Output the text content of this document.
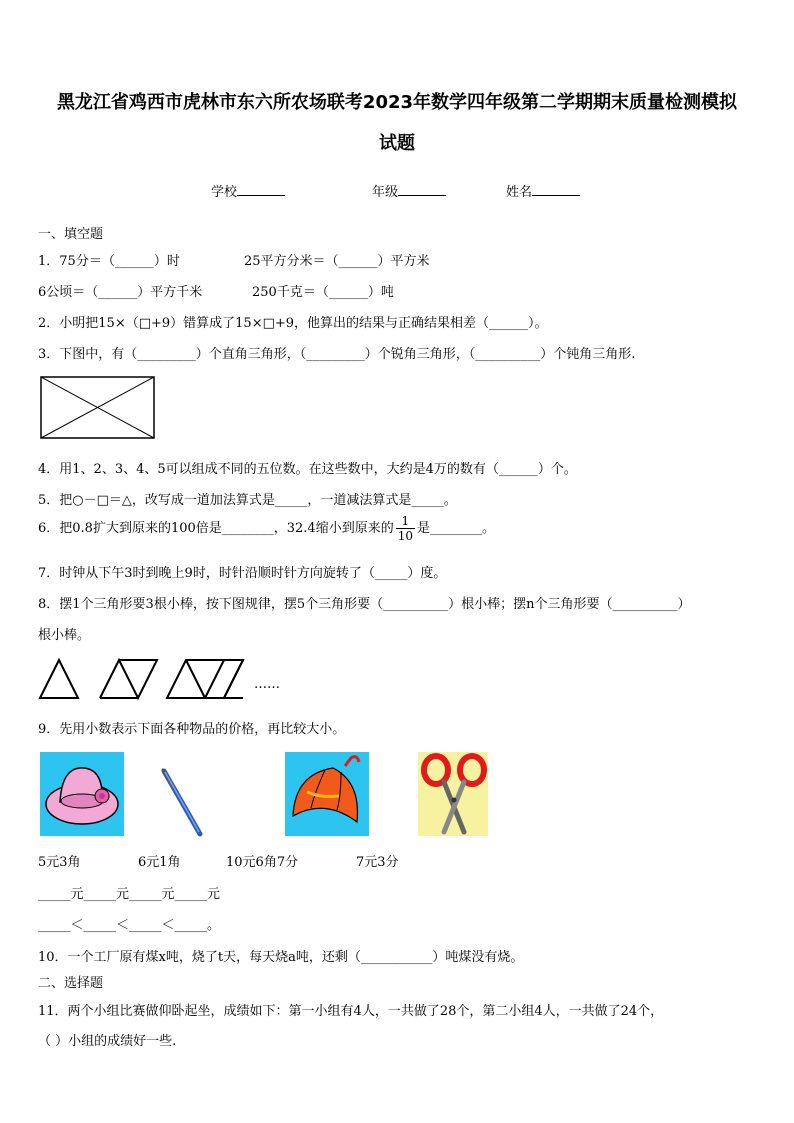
黑龙江省鸡西市虎林市东六所农场联考2023年数学四年级第二学期期末质量检测模拟
试题
学校	年级	姓名
一、填空题
1．75分＝（______）时	25平方分米＝（______）平方米
6公顷＝（______）平方千米	250千克＝（______）吨
2．小明把15×（□+9）错算成了15×□+9，他算出的结果与正确结果相差（______）。
3．下图中，有（_________）个直角三角形，（_________）个锐角三角形，（__________）个钝角三角形.
4．用1、2、3、4、5可以组成不同的五位数。在这些数中，大约是4万的数有（______）个。
5．把○－□＝△，改写成一道加法算式是_____，一道减法算式是_____。
6．把0.8扩大到原来的100倍是________，32.4缩小到原来的 $\frac{1}{10}$ 是________。
7．时钟从下午3时到晚上9时，时针沿顺时针方向旋转了（_____）度。
8．摆1个三角形要3根小棒，按下图规律，摆5个三角形要（__________）根小棒；摆n个三角形要（__________）
根小棒。
……
9．先用小数表示下面各种物品的价格，再比较大小。
5元3角	6元1角	10元6角7分	7元3分
_____元_____元_____元_____元
_____＜_____＜_____＜_____。
10．一个工厂原有煤x吨，烧了t天，每天烧a吨，还剩（___________）吨煤没有烧。
二、选择题
11．两个小组比赛做仰卧起坐，成绩如下：第一小组有4人，一共做了28个，第二小组4人，一共做了24个，
（ ）小组的成绩好一些.
